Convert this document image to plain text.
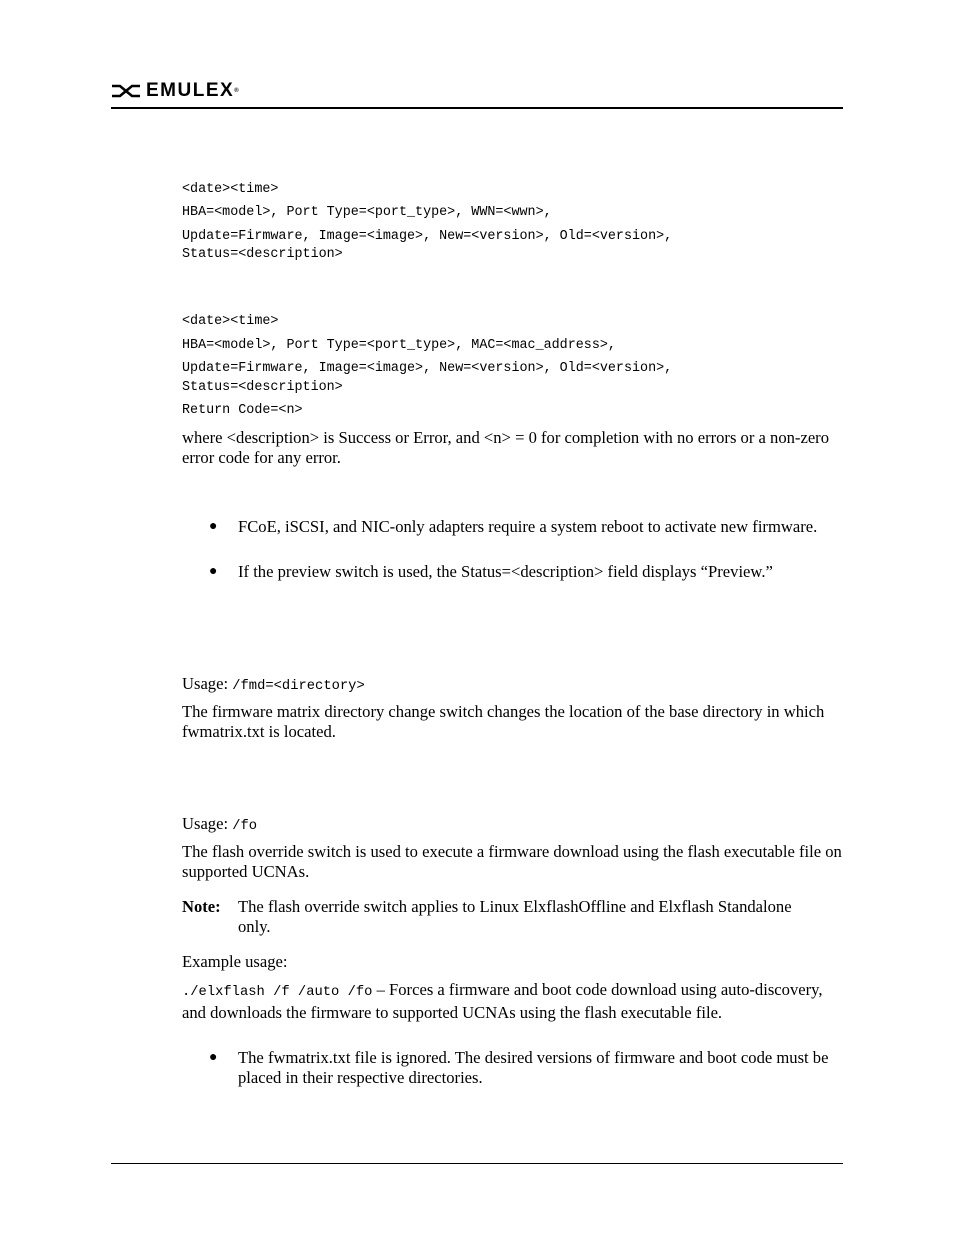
EMULEX®
<date><time>
HBA=<model>, Port Type=<port_type>, WWN=<wwn>,
Update=Firmware, Image=<image>, New=<version>, Old=<version>,
Status=<description>
<date><time>
HBA=<model>, Port Type=<port_type>, MAC=<mac_address>,
Update=Firmware, Image=<image>, New=<version>, Old=<version>,
Status=<description>
Return Code=<n>
where <description> is Success or Error, and <n> = 0 for completion with no errors or a non-zero error code for any error.
● FCoE, iSCSI, and NIC-only adapters require a system reboot to activate new firmware.
● If the preview switch is used, the Status=<description> field displays “Preview.”
Usage: /fmd=<directory>
The firmware matrix directory change switch changes the location of the base directory in which fwmatrix.txt is located.
Usage: /fo
The flash override switch is used to execute a firmware download using the flash executable file on supported UCNAs.
Note: The flash override switch applies to Linux ElxflashOffline and Elxflash Standalone only.
Example usage:
./elxflash /f /auto /fo – Forces a firmware and boot code download using auto-discovery, and downloads the firmware to supported UCNAs using the flash executable file.
● The fwmatrix.txt file is ignored. The desired versions of firmware and boot code must be placed in their respective directories.
